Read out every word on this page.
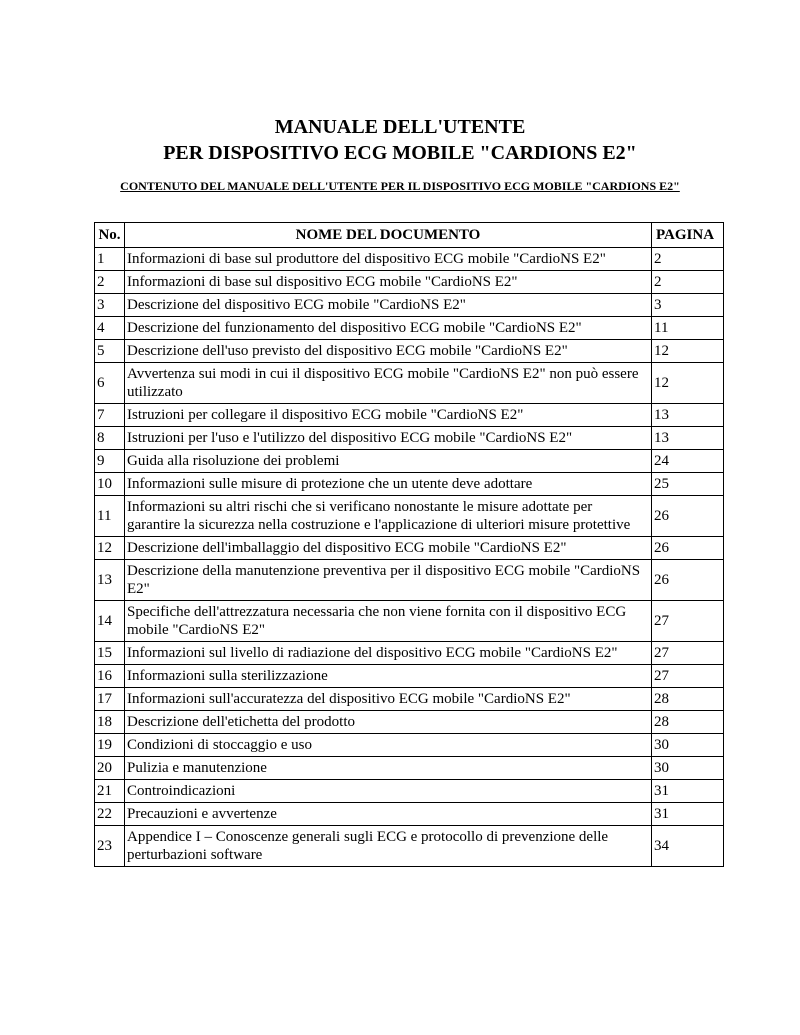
MANUALE DELL'UTENTE
PER DISPOSITIVO ECG MOBILE "CARDIONS E2"
CONTENUTO DEL MANUALE DELL'UTENTE PER IL DISPOSITIVO ECG MOBILE "CARDIONS E2"
No.	NOME DEL DOCUMENTO	PAGINA
1	Informazioni di base sul produttore del dispositivo ECG mobile "CardioNS E2"	2
2	Informazioni di base sul dispositivo ECG mobile "CardioNS E2"	2
3	Descrizione del dispositivo ECG mobile "CardioNS E2"	3
4	Descrizione del funzionamento del dispositivo ECG mobile "CardioNS E2"	11
5	Descrizione dell'uso previsto del dispositivo ECG mobile "CardioNS E2"	12
6	Avvertenza sui modi in cui il dispositivo ECG mobile "CardioNS E2" non può essere utilizzato	12
7	Istruzioni per collegare il dispositivo ECG mobile "CardioNS E2"	13
8	Istruzioni per l'uso e l'utilizzo del dispositivo ECG mobile "CardioNS E2"	13
9	Guida alla risoluzione dei problemi	24
10	Informazioni sulle misure di protezione che un utente deve adottare	25
11	Informazioni su altri rischi che si verificano nonostante le misure adottate per garantire la sicurezza nella costruzione e l'applicazione di ulteriori misure protettive	26
12	Descrizione dell'imballaggio del dispositivo ECG mobile "CardioNS E2"	26
13	Descrizione della manutenzione preventiva per il dispositivo ECG mobile "CardioNS E2"	26
14	Specifiche dell'attrezzatura necessaria che non viene fornita con il dispositivo ECG mobile "CardioNS E2"	27
15	Informazioni sul livello di radiazione del dispositivo ECG mobile "CardioNS E2"	27
16	Informazioni sulla sterilizzazione	27
17	Informazioni sull'accuratezza del dispositivo ECG mobile "CardioNS E2"	28
18	Descrizione dell'etichetta del prodotto	28
19	Condizioni di stoccaggio e uso	30
20	Pulizia e manutenzione	30
21	Controindicazioni	31
22	Precauzioni e avvertenze	31
23	Appendice I – Conoscenze generali sugli ECG e protocollo di prevenzione delle perturbazioni software	34
